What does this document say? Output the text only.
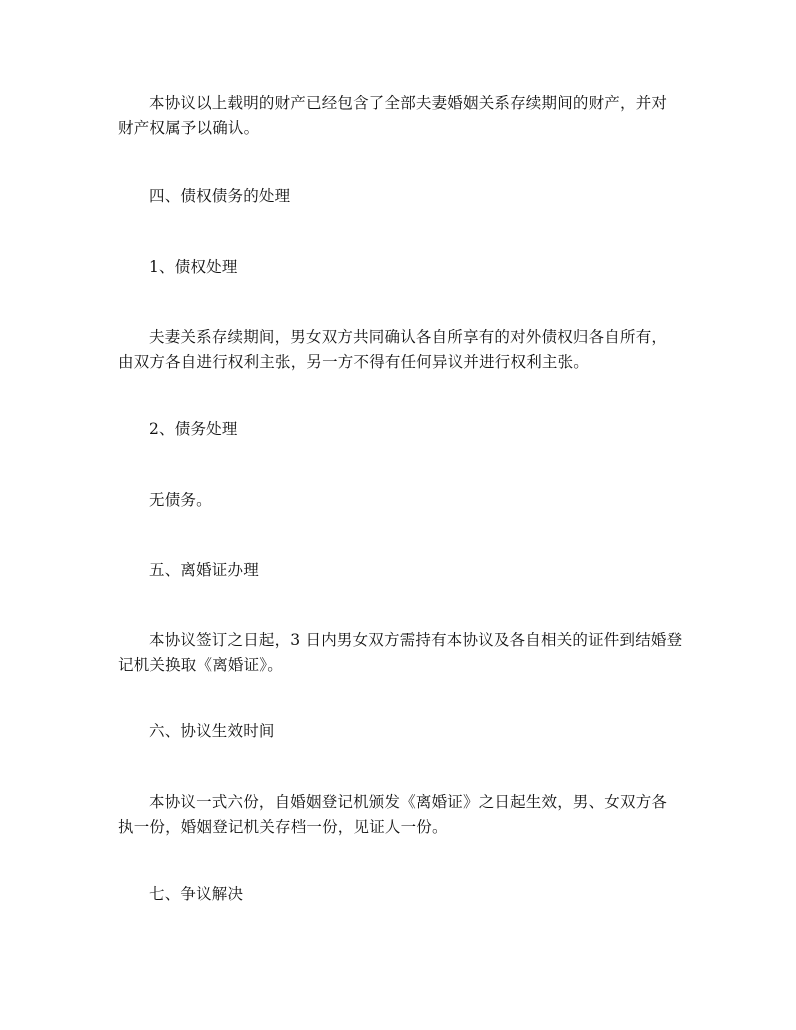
本协议以上载明的财产已经包含了全部夫妻婚姻关系存续期间的财产，并对
财产权属予以确认。
四、债权债务的处理
1、债权处理
夫妻关系存续期间，男女双方共同确认各自所享有的对外债权归各自所有，
由双方各自进行权利主张，另一方不得有任何异议并进行权利主张。
2、债务处理
无债务。
五、离婚证办理
本协议签订之日起，3 日内男女双方需持有本协议及各自相关的证件到结婚登
记机关换取《离婚证》。
六、协议生效时间
本协议一式六份，自婚姻登记机颁发《离婚证》之日起生效，男、女双方各
执一份，婚姻登记机关存档一份，见证人一份。
七、争议解决
